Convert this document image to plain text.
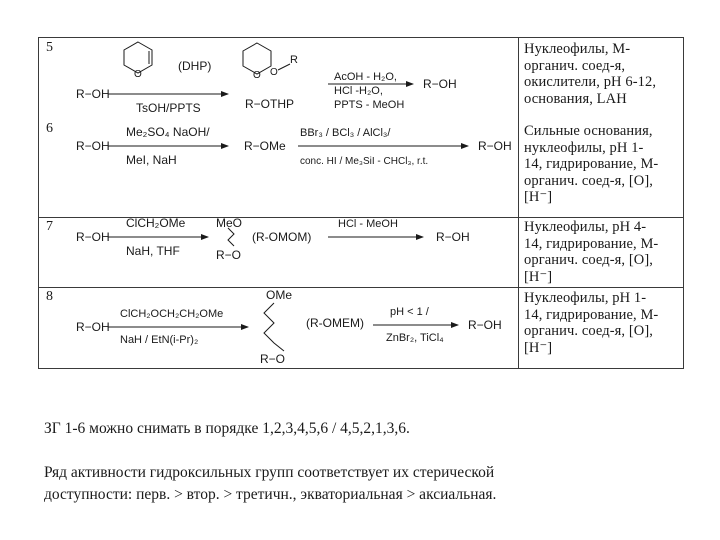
5
6
7
8
Нуклеофилы, M-
органич. соед-я,
окислители, pH 6-12,
основания, LAH
Сильные основания,
нуклеофилы, pH 1-
14, гидрирование, M-
органич. соед-я, [O],
[H⁻]
Нуклеофилы, pH 4-
14, гидрирование, M-
органич. соед-я, [O],
[H⁻]
Нуклеофилы, pH 1-
14, гидрирование, M-
органич. соед-я, [O],
[H⁻]
R−OH
(DHP)
TsOH/PPTS
O	O O
R
R−OTHP
AcOH - H₂O,
HCl -H₂O,
PPTS - MeOH
R−OH
R−OH
Me₂SO₄ NaOH/
MeI, NaH
R−OMe
BBr₃ / BCl₃ / AlCl₃/
conc. HI / Me₃SiI - CHCl₃, r.t.
R−OH
R−OH
ClCH₂OMe
NaH, THF
MeO
R−O
(R-OMOM)
HCl - MeOH
R−OH
R−OH
ClCH₂OCH₂CH₂OMe
NaH / EtN(i-Pr)₂
OMe
R−O
(R-OMEM)
pH < 1 /
ZnBr₂, TiCl₄
R−OH
ЗГ 1-6 можно снимать в порядке 1,2,3,4,5,6 / 4,5,2,1,3,6.
Ряд активности гидроксильных групп соответствует их стерической
доступности: перв. > втор. > третичн., экваториальная > аксиальная.
